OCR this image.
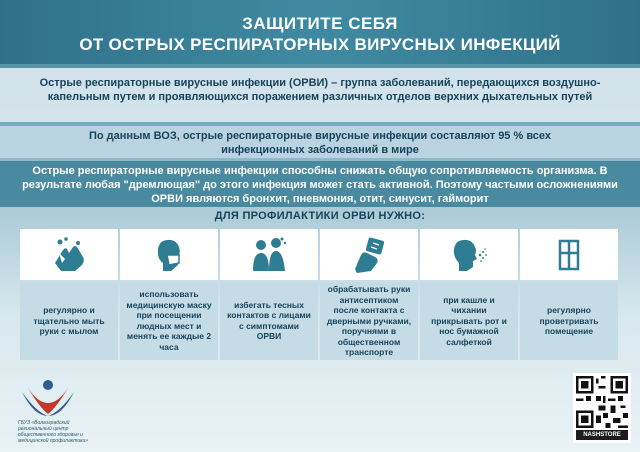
ЗАЩИТИТЕ СЕБЯ
ОТ ОСТРЫХ РЕСПИРАТОРНЫХ ВИРУСНЫХ ИНФЕКЦИЙ
Острые респираторные вирусные инфекции (ОРВИ) – группа заболеваний, передающихся воздушно-капельным путем и проявляющихся поражением различных отделов верхних дыхательных путей
По данным ВОЗ, острые респираторные вирусные инфекции составляют 95 % всех инфекционных заболеваний в мире
Острые респираторные вирусные инфекции способны снижать общую сопротивляемость организма. В результате любая "дремлющая" до этого инфекция может стать активной. Поэтому частыми осложнениями ОРВИ являются бронхит, пневмония, отит, синусит, гайморит
ДЛЯ ПРОФИЛАКТИКИ ОРВИ НУЖНО:
регулярно и тщательно мыть руки с мылом
использовать медицинскую маску при посещении людных мест и менять ее каждые 2 часа
избегать тесных контактов с лицами с симптомами ОРВИ
обрабатывать руки антисептиком после контакта с дверными ручками, поручнями в общественном транспорте
при кашле и чихании прикрывать рот и нос бумажной салфеткой
регулярно проветривать помещение
ГБУЗ «Волгоградский региональный центр общественного здоровья и медицинской профилактики»
NASHSTORE
